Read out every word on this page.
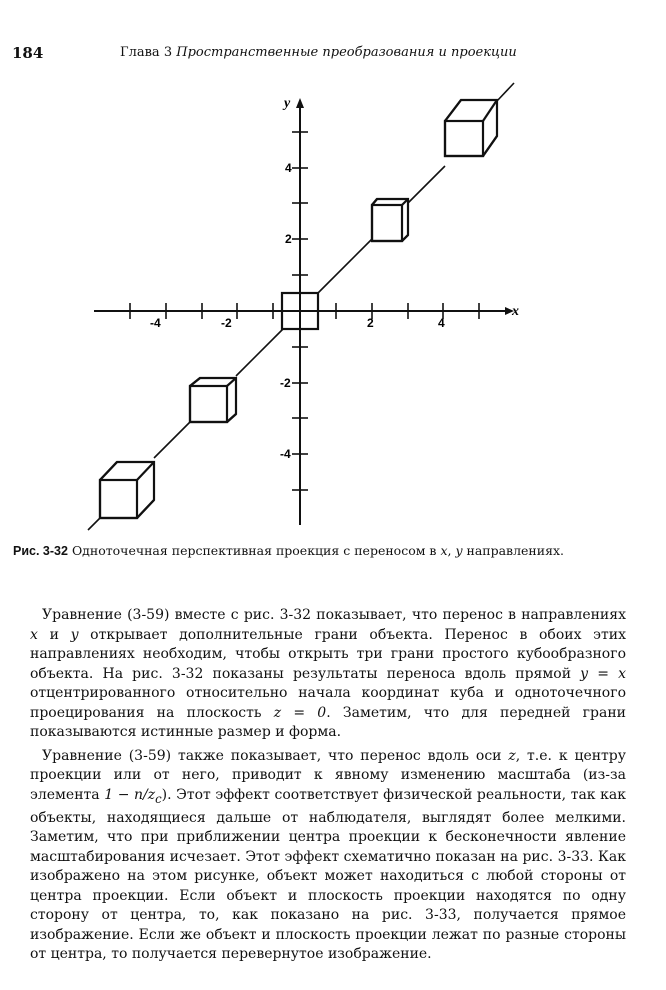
184	Глава 3 Пространственные преобразования и проекции
x
y
-4	-2	2	4
4
2
-2
-4
Рис. 3-32 Одноточечная перспективная проекция с переносом в x, y направлениях.

Уравнение (3-59) вместе с рис. 3-32 показывает, что перенос в направлениях x и y открывает дополнительные грани объекта. Перенос в обоих этих направлениях необходим, чтобы открыть три грани простого кубообразного объекта. На рис. 3-32 показаны результаты переноса вдоль прямой y = x отцентрированного относительно начала координат куба и одноточечного проецирования на плоскость z = 0. Заметим, что для передней грани показываются истинные размер и форма.

Уравнение (3-59) также показывает, что перенос вдоль оси z, т.е. к центру проекции или от него, приводит к явному изменению масштаба (из-за элемента $1 - n/z_c$). Этот эффект соответствует физической реальности, так как объекты, находящиеся дальше от наблюдателя, выглядят более мелкими. Заметим, что при приближении центра проекции к бесконечности явление масштабирования исчезает. Этот эффект схематично показан на рис. 3-33. Как изображено на этом рисунке, объект может находиться с любой стороны от центра проекции. Если объект и плоскость проекции находятся по одну сторону от центра, то, как показано на рис. 3-33, получается прямое изображение. Если же объект и плоскость проекции лежат по разные стороны от центра, то получается перевернутое изображение.
